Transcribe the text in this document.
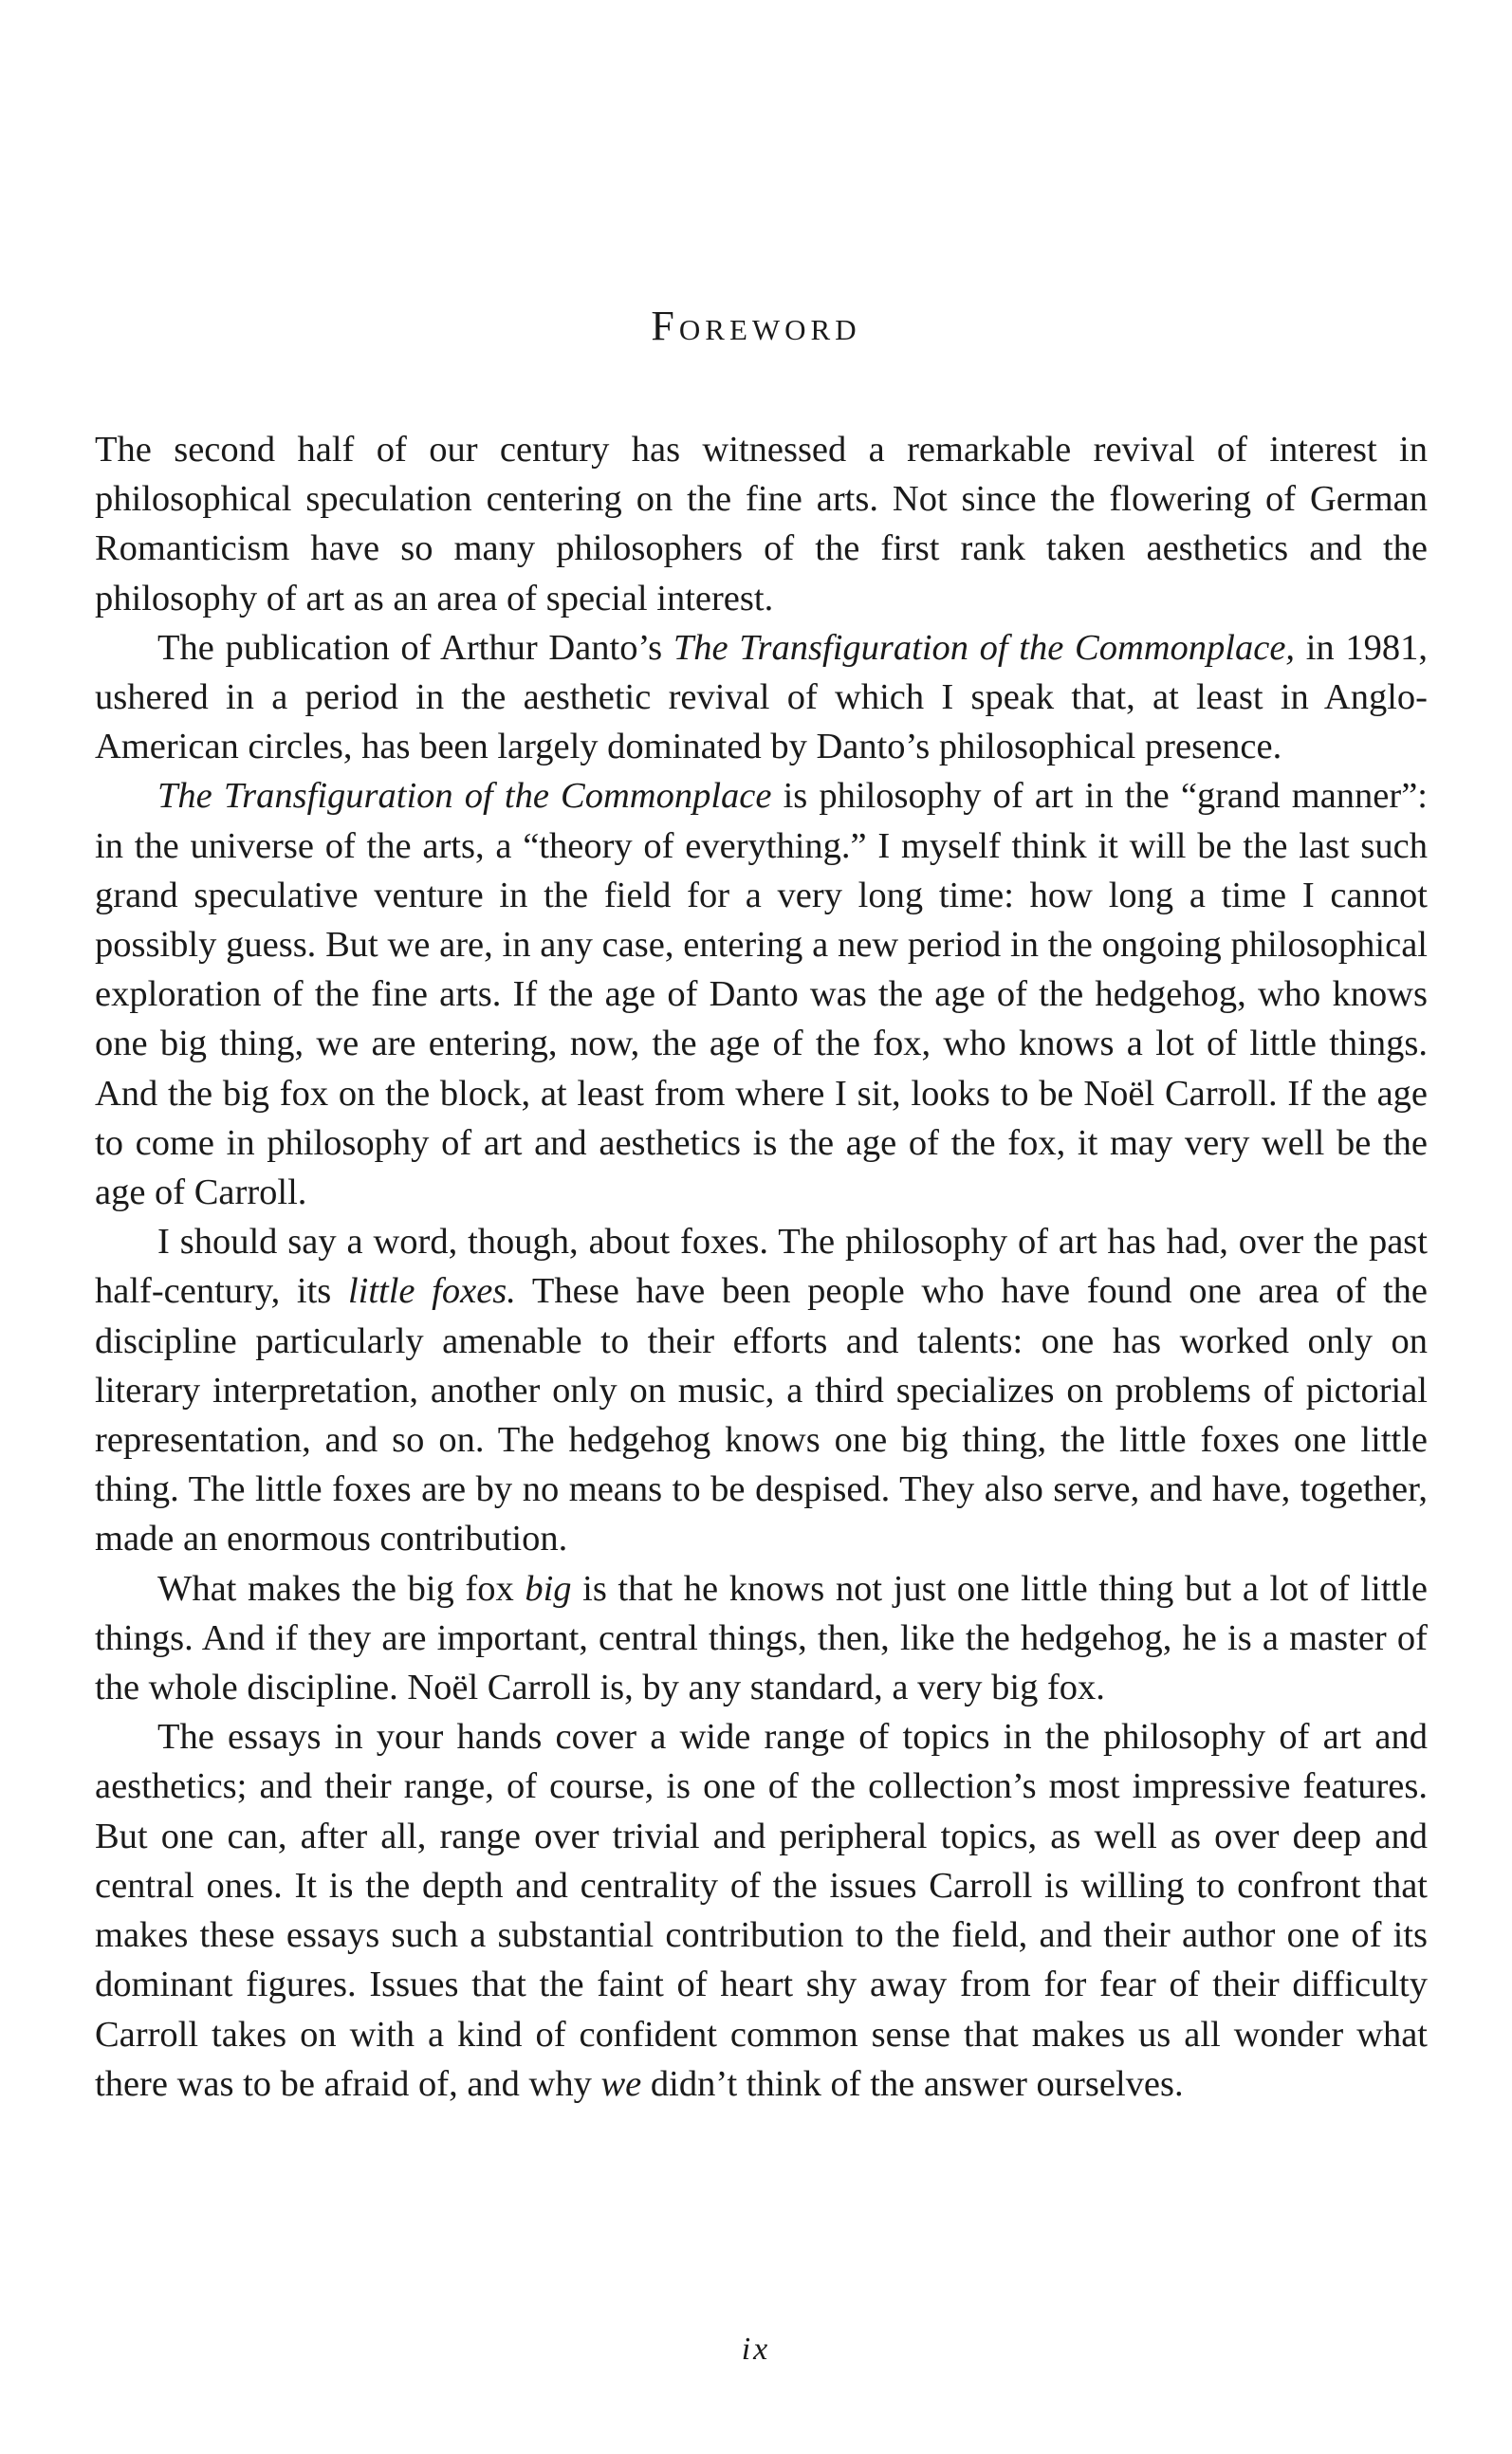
Foreword

The second half of our century has witnessed a remarkable revival of interest in philosophical speculation centering on the fine arts. Not since the flowering of German Romanticism have so many philosophers of the first rank taken aesthetics and the philosophy of art as an area of special interest.

The publication of Arthur Danto’s The Transfiguration of the Commonplace, in 1981, ushered in a period in the aesthetic revival of which I speak that, at least in Anglo-American circles, has been largely dominated by Danto’s philosophical presence.

The Transfiguration of the Commonplace is philosophy of art in the “grand manner”: in the universe of the arts, a “theory of everything.” I myself think it will be the last such grand speculative venture in the field for a very long time: how long a time I cannot possibly guess. But we are, in any case, entering a new period in the ongoing philosophical exploration of the fine arts. If the age of Danto was the age of the hedgehog, who knows one big thing, we are entering, now, the age of the fox, who knows a lot of little things. And the big fox on the block, at least from where I sit, looks to be Noël Carroll. If the age to come in philosophy of art and aesthetics is the age of the fox, it may very well be the age of Carroll.

I should say a word, though, about foxes. The philosophy of art has had, over the past half-century, its little foxes. These have been people who have found one area of the discipline particularly amenable to their efforts and talents: one has worked only on literary interpretation, another only on music, a third specializes on problems of pictorial representation, and so on. The hedgehog knows one big thing, the little foxes one little thing. The little foxes are by no means to be despised. They also serve, and have, together, made an enormous contribution.

What makes the big fox big is that he knows not just one little thing but a lot of little things. And if they are important, central things, then, like the hedgehog, he is a master of the whole discipline. Noël Carroll is, by any standard, a very big fox.

The essays in your hands cover a wide range of topics in the philosophy of art and aesthetics; and their range, of course, is one of the collection’s most impressive features. But one can, after all, range over trivial and peripheral topics, as well as over deep and central ones. It is the depth and centrality of the issues Carroll is willing to confront that makes these essays such a substantial contribution to the field, and their author one of its dominant figures. Issues that the faint of heart shy away from for fear of their difficulty Carroll takes on with a kind of confident common sense that makes us all wonder what there was to be afraid of, and why we didn’t think of the answer ourselves.

ix
